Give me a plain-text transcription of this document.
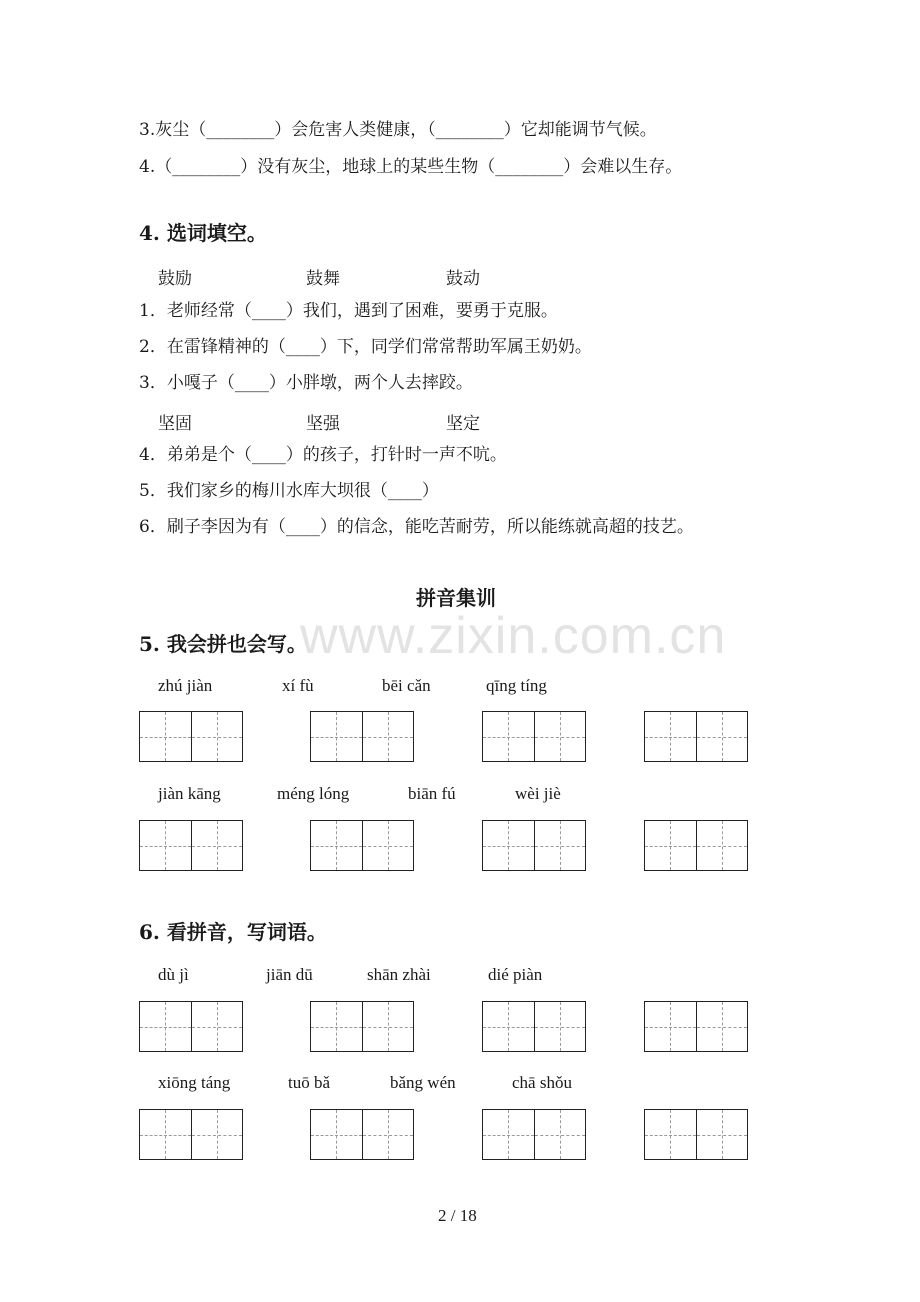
www.zixin.com.cn
3.灰尘（________）会危害人类健康，（________）它却能调节气候。
4.（________）没有灰尘，地球上的某些生物（________）会难以生存。
4. 选词填空。
鼓励	鼓舞	鼓动
1．老师经常（____）我们，遇到了困难，要勇于克服。
2．在雷锋精神的（____）下，同学们常常帮助军属王奶奶。
3．小嘎子（____）小胖墩，两个人去摔跤。
坚固	坚强	坚定
4．弟弟是个（____）的孩子，打针时一声不吭。
5．我们家乡的梅川水库大坝很（____）
6．刷子李因为有（____）的信念，能吃苦耐劳，所以能练就高超的技艺。
拼音集训
5. 我会拼也会写。
zhú jiàn	xí fù	bēi cǎn	qīng tíng
jiàn kāng	méng lóng	biān fú	wèi jiè
6. 看拼音，写词语。
dù jì	jiān dū	shān zhài	dié piàn
xiōng táng	tuō bǎ	bǎng wén	chā shǒu
2 / 18
